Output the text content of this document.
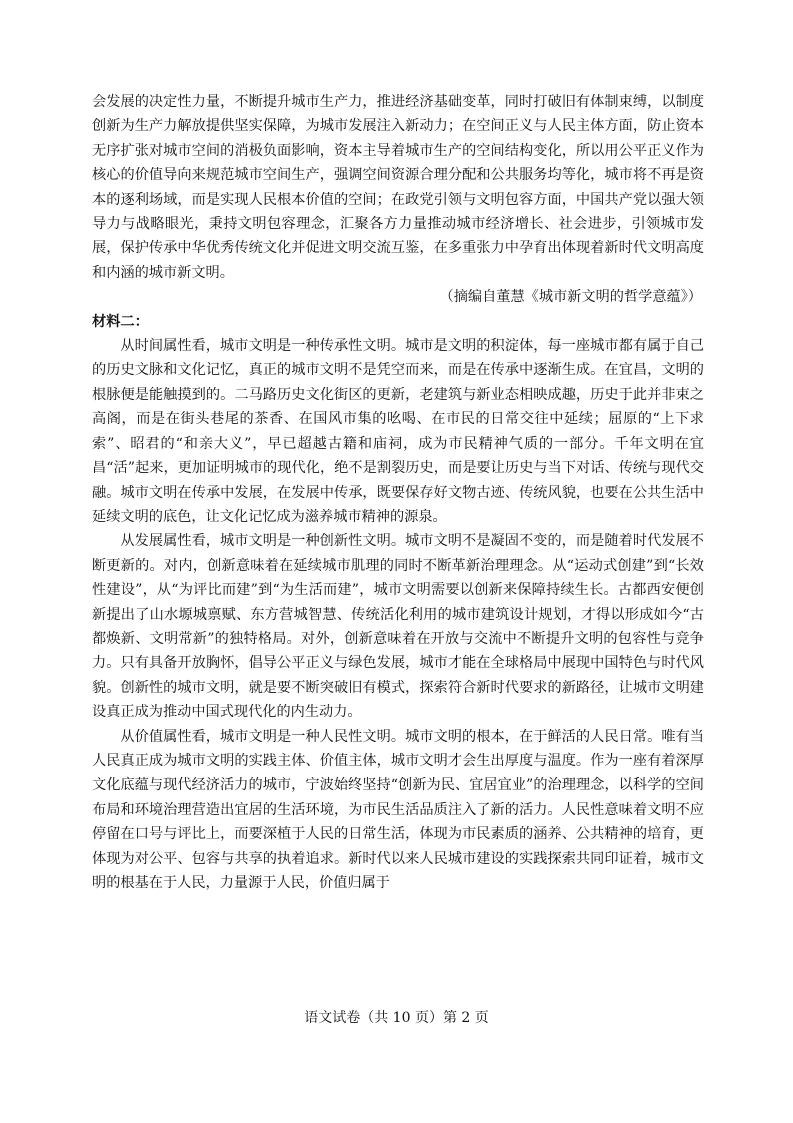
会发展的决定性力量，不断提升城市生产力，推进经济基础变革，同时打破旧有体制束缚，以制度创新为生产力解放提供坚实保障，为城市发展注入新动力；在空间正义与人民主体方面，防止资本无序扩张对城市空间的消极负面影响，资本主导着城市生产的空间结构变化，所以用公平正义作为核心的价值导向来规范城市空间生产，强调空间资源合理分配和公共服务均等化，城市将不再是资本的逐利场域，而是实现人民根本价值的空间；在政党引领与文明包容方面，中国共产党以强大领导力与战略眼光，秉持文明包容理念，汇聚各方力量推动城市经济增长、社会进步，引领城市发展，保护传承中华优秀传统文化并促进文明交流互鉴，在多重张力中孕育出体现着新时代文明高度和内涵的城市新文明。

（摘编自董慧《城市新文明的哲学意蕴》）

材料二：

从时间属性看，城市文明是一种传承性文明。城市是文明的积淀体，每一座城市都有属于自己的历史文脉和文化记忆，真正的城市文明不是凭空而来，而是在传承中逐渐生成。在宜昌，文明的根脉便是能触摸到的。二马路历史文化街区的更新，老建筑与新业态相映成趣，历史于此并非束之高阁，而是在街头巷尾的茶香、在国风市集的吆喝、在市民的日常交往中延续；屈原的“上下求索”、昭君的“和亲大义”，早已超越古籍和庙祠，成为市民精神气质的一部分。千年文明在宜昌“活”起来，更加证明城市的现代化，绝不是割裂历史，而是要让历史与当下对话、传统与现代交融。城市文明在传承中发展，在发展中传承，既要保存好文物古迹、传统风貌，也要在公共生活中延续文明的底色，让文化记忆成为滋养城市精神的源泉。

从发展属性看，城市文明是一种创新性文明。城市文明不是凝固不变的，而是随着时代发展不断更新的。对内，创新意味着在延续城市肌理的同时不断革新治理理念。从“运动式创建”到“长效性建设”，从“为评比而建”到“为生活而建”，城市文明需要以创新来保障持续生长。古都西安便创新提出了山水塬城禀赋、东方营城智慧、传统活化利用的城市建筑设计规划，才得以形成如今“古都焕新、文明常新”的独特格局。对外，创新意味着在开放与交流中不断提升文明的包容性与竞争力。只有具备开放胸怀，倡导公平正义与绿色发展，城市才能在全球格局中展现中国特色与时代风貌。创新性的城市文明，就是要不断突破旧有模式，探索符合新时代要求的新路径，让城市文明建设真正成为推动中国式现代化的内生动力。

从价值属性看，城市文明是一种人民性文明。城市文明的根本，在于鲜活的人民日常。唯有当人民真正成为城市文明的实践主体、价值主体，城市文明才会生出厚度与温度。作为一座有着深厚文化底蕴与现代经济活力的城市，宁波始终坚持“创新为民、宜居宜业”的治理理念，以科学的空间布局和环境治理营造出宜居的生活环境，为市民生活品质注入了新的活力。人民性意味着文明不应停留在口号与评比上，而要深植于人民的日常生活，体现为市民素质的涵养、公共精神的培育，更体现为对公平、包容与共享的执着追求。新时代以来人民城市建设的实践探索共同印证着，城市文明的根基在于人民，力量源于人民，价值归属于

语文试卷（共 10 页）第 2 页
